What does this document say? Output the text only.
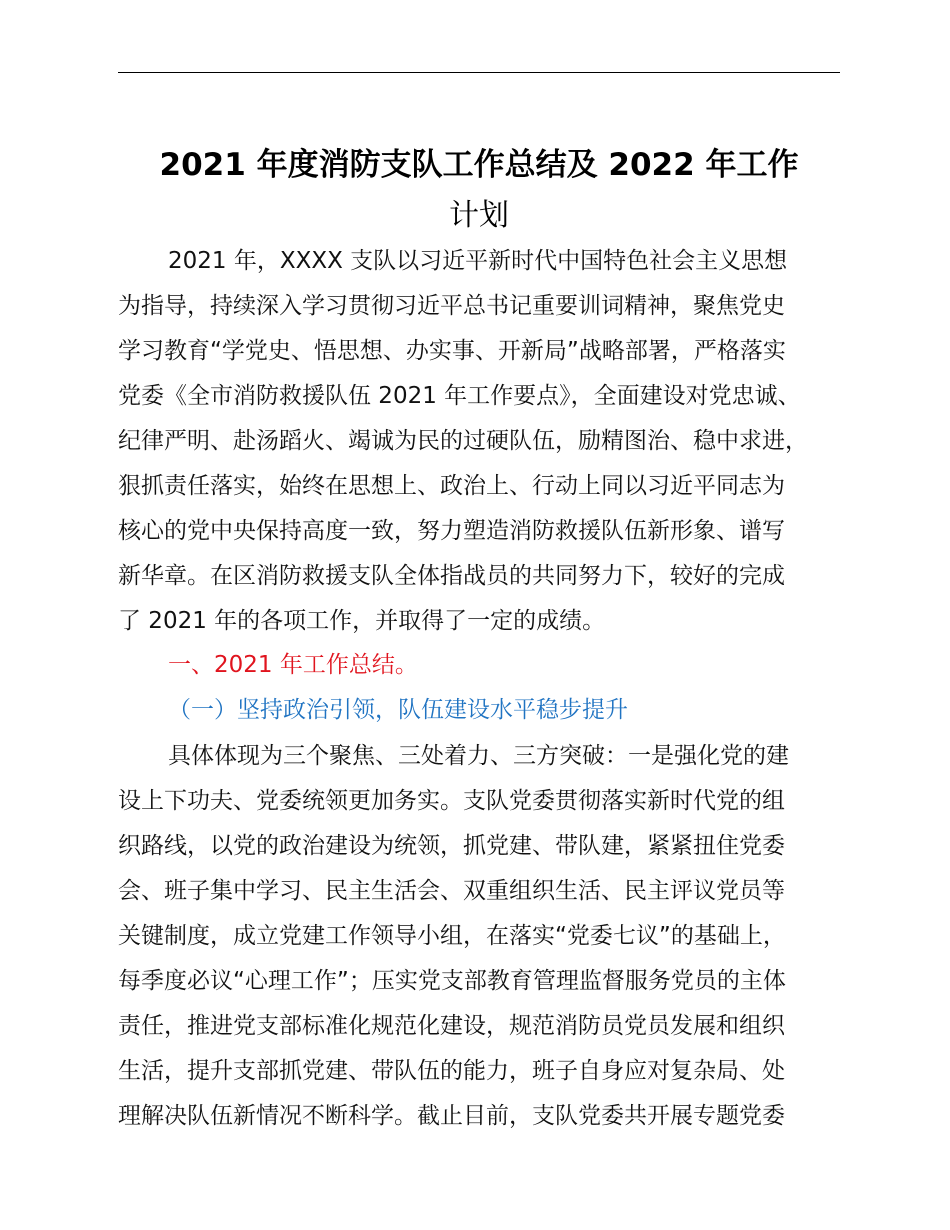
2021 年度消防支队工作总结及 2022 年工作
计划
2021 年，XXXX 支队以习近平新时代中国特色社会主义思想
为指导，持续深入学习贯彻习近平总书记重要训词精神，聚焦党史
学习教育“学党史、悟思想、办实事、开新局”战略部署，严格落实
党委《全市消防救援队伍 2021 年工作要点》，全面建设对党忠诚、
纪律严明、赴汤蹈火、竭诚为民的过硬队伍，励精图治、稳中求进，
狠抓责任落实，始终在思想上、政治上、行动上同以习近平同志为
核心的党中央保持高度一致，努力塑造消防救援队伍新形象、谱写
新华章。在区消防救援支队全体指战员的共同努力下，较好的完成
了 2021 年的各项工作，并取得了一定的成绩。
一、2021 年工作总结。
（一）坚持政治引领，队伍建设水平稳步提升
具体体现为三个聚焦、三处着力、三方突破：一是强化党的建
设上下功夫、党委统领更加务实。支队党委贯彻落实新时代党的组
织路线，以党的政治建设为统领，抓党建、带队建，紧紧扭住党委
会、班子集中学习、民主生活会、双重组织生活、民主评议党员等
关键制度，成立党建工作领导小组，在落实“党委七议”的基础上，
每季度必议“心理工作”；压实党支部教育管理监督服务党员的主体
责任，推进党支部标准化规范化建设，规范消防员党员发展和组织
生活，提升支部抓党建、带队伍的能力，班子自身应对复杂局、处
理解决队伍新情况不断科学。截止目前，支队党委共开展专题党委
